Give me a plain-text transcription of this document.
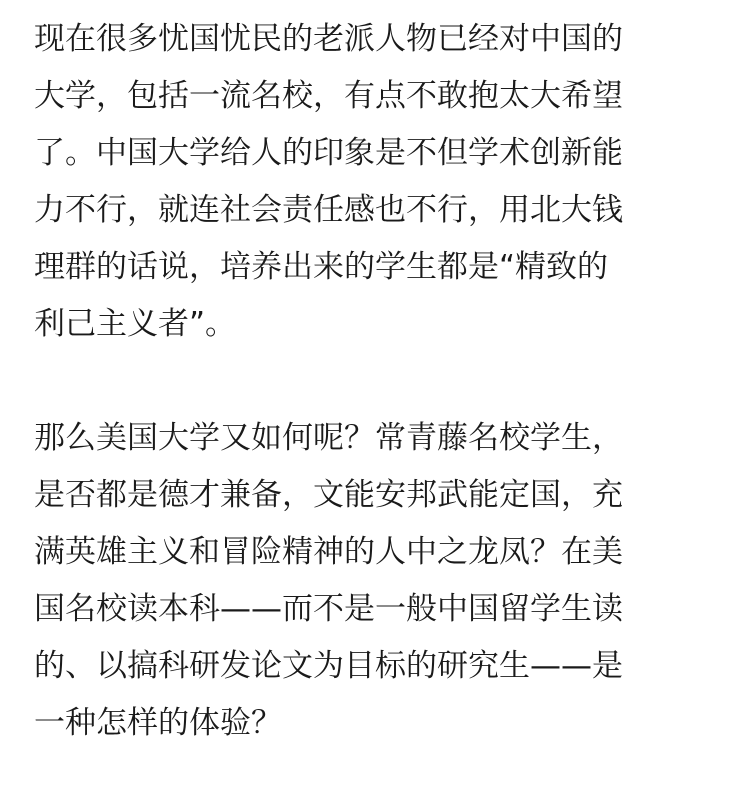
现在很多忧国忧民的老派人物已经对中国的
大学，包括一流名校，有点不敢抱太大希望
了。中国大学给人的印象是不但学术创新能
力不行，就连社会责任感也不行，用北大钱
理群的话说，培养出来的学生都是“精致的
利己主义者”。

那么美国大学又如何呢？常青藤名校学生，
是否都是德才兼备，文能安邦武能定国，充
满英雄主义和冒险精神的人中之龙凤？在美
国名校读本科——而不是一般中国留学生读
的、以搞科研发论文为目标的研究生——是
一种怎样的体验？
